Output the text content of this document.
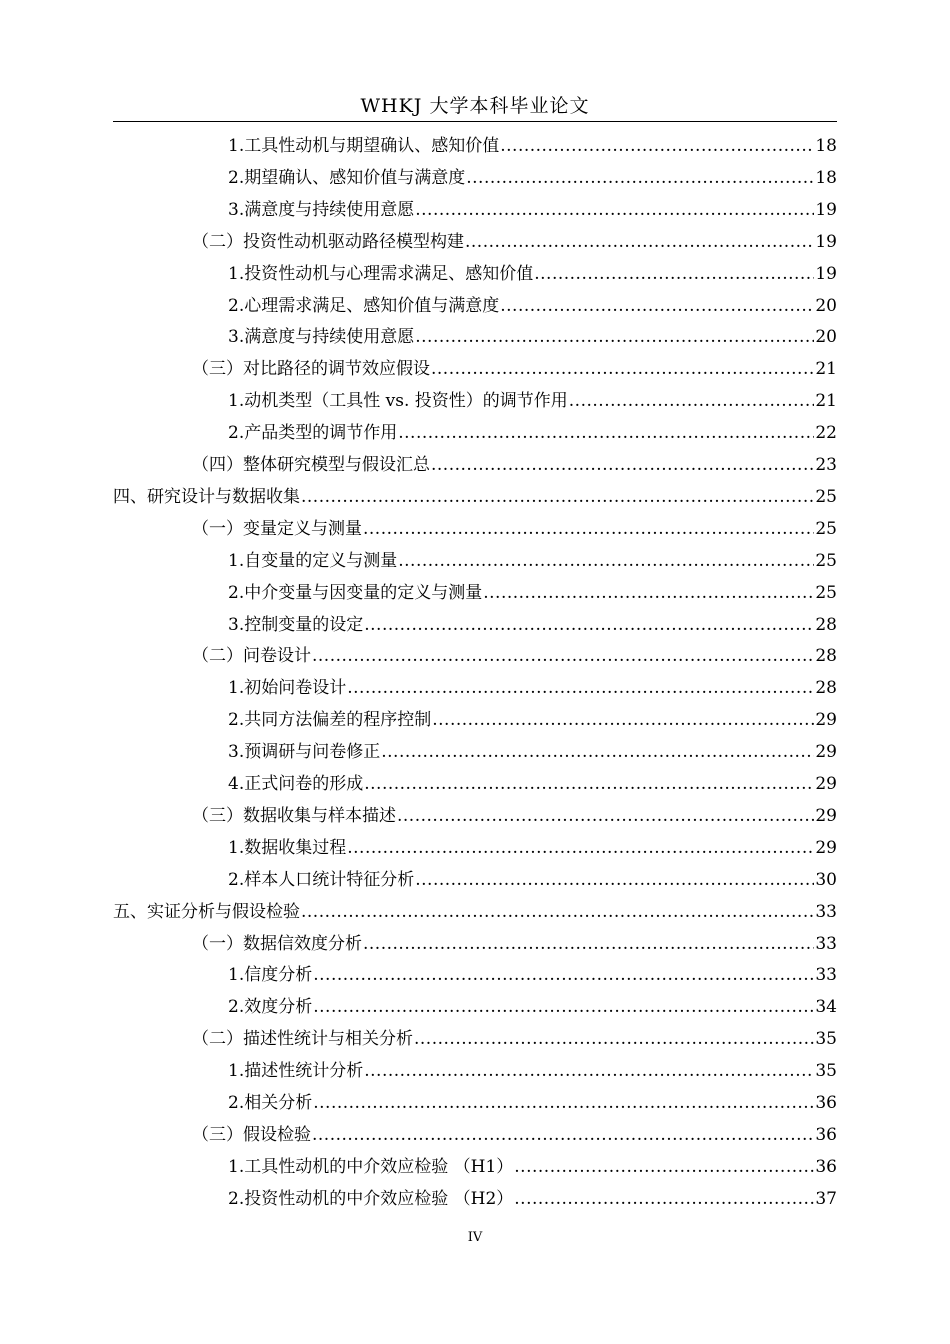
WHKJ 大学本科毕业论文
1.工具性动机与期望确认、感知价值 .....	18
2.期望确认、感知价值与满意度 .....	18
3.满意度与持续使用意愿 .....	19
（二）投资性动机驱动路径模型构建 .....	19
1.投资性动机与心理需求满足、感知价值 .....	19
2.心理需求满足、感知价值与满意度 .....	20
3.满意度与持续使用意愿 .....	20
（三）对比路径的调节效应假设 .....	21
1.动机类型（工具性 vs. 投资性）的调节作用 .....	21
2.产品类型的调节作用 .....	22
（四）整体研究模型与假设汇总 .....	23
四、研究设计与数据收集 .....	25
（一）变量定义与测量 .....	25
1.自变量的定义与测量 .....	25
2.中介变量与因变量的定义与测量 .....	25
3.控制变量的设定 .....	28
（二）问卷设计 .....	28
1.初始问卷设计 .....	28
2.共同方法偏差的程序控制 .....	29
3.预调研与问卷修正 .....	29
4.正式问卷的形成 .....	29
（三）数据收集与样本描述 .....	29
1.数据收集过程 .....	29
2.样本人口统计特征分析 .....	30
五、实证分析与假设检验 .....	33
（一）数据信效度分析 .....	33
1.信度分析 .....	33
2.效度分析 .....	34
（二）描述性统计与相关分析 .....	35
1.描述性统计分析 .....	35
2.相关分析 .....	36
（三）假设检验 .....	36
1.工具性动机的中介效应检验 （H1） .....	36
2.投资性动机的中介效应检验 （H2） .....	37
IV
